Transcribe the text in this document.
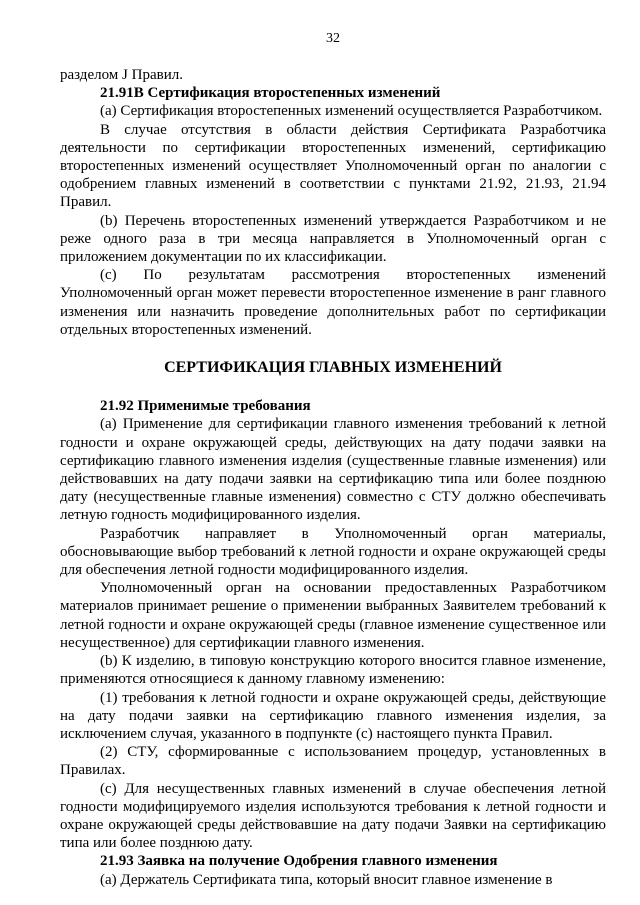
32

разделом J Правил.

21.91B Сертификация второстепенных изменений

(a) Сертификация второстепенных изменений осуществляется Разработчиком.

В случае отсутствия в области действия Сертификата Разработчика деятельности по сертификации второстепенных изменений, сертификацию второстепенных изменений осуществляет Уполномоченный орган по аналогии с одобрением главных изменений в соответствии с пунктами 21.92, 21.93, 21.94 Правил.

(b) Перечень второстепенных изменений утверждается Разработчиком и не реже одного раза в три месяца направляется в Уполномоченный орган с приложением документации по их классификации.

(c) По результатам рассмотрения второстепенных изменений Уполномоченный орган может перевести второстепенное изменение в ранг главного изменения или назначить проведение дополнительных работ по сертификации отдельных второстепенных изменений.

СЕРТИФИКАЦИЯ ГЛАВНЫХ ИЗМЕНЕНИЙ

21.92 Применимые требования

(a) Применение для сертификации главного изменения требований к летной годности и охране окружающей среды, действующих на дату подачи заявки на сертификацию главного изменения изделия (существенные главные изменения) или действовавших на дату подачи заявки на сертификацию типа или более позднюю дату (несущественные главные изменения) совместно с СТУ должно обеспечивать летную годность модифицированного изделия.

Разработчик направляет в Уполномоченный орган материалы, обосновывающие выбор требований к летной годности и охране окружающей среды для обеспечения летной годности модифицированного изделия.

Уполномоченный орган на основании предоставленных Разработчиком материалов принимает решение о применении выбранных Заявителем требований к летной годности и охране окружающей среды (главное изменение существенное или несущественное) для сертификации главного изменения.

(b) К изделию, в типовую конструкцию которого вносится главное изменение, применяются относящиеся к данному главному изменению:

(1) требования к летной годности и охране окружающей среды, действующие на дату подачи заявки на сертификацию главного изменения изделия, за исключением случая, указанного в подпункте (c) настоящего пункта Правил.

(2) СТУ, сформированные с использованием процедур, установленных в Правилах.

(c) Для несущественных главных изменений в случае обеспечения летной годности модифицируемого изделия используются требования к летной годности и охране окружающей среды действовавшие на дату подачи Заявки на сертификацию типа или более позднюю дату.

21.93 Заявка на получение Одобрения главного изменения

(a) Держатель Сертификата типа, который вносит главное изменение в
